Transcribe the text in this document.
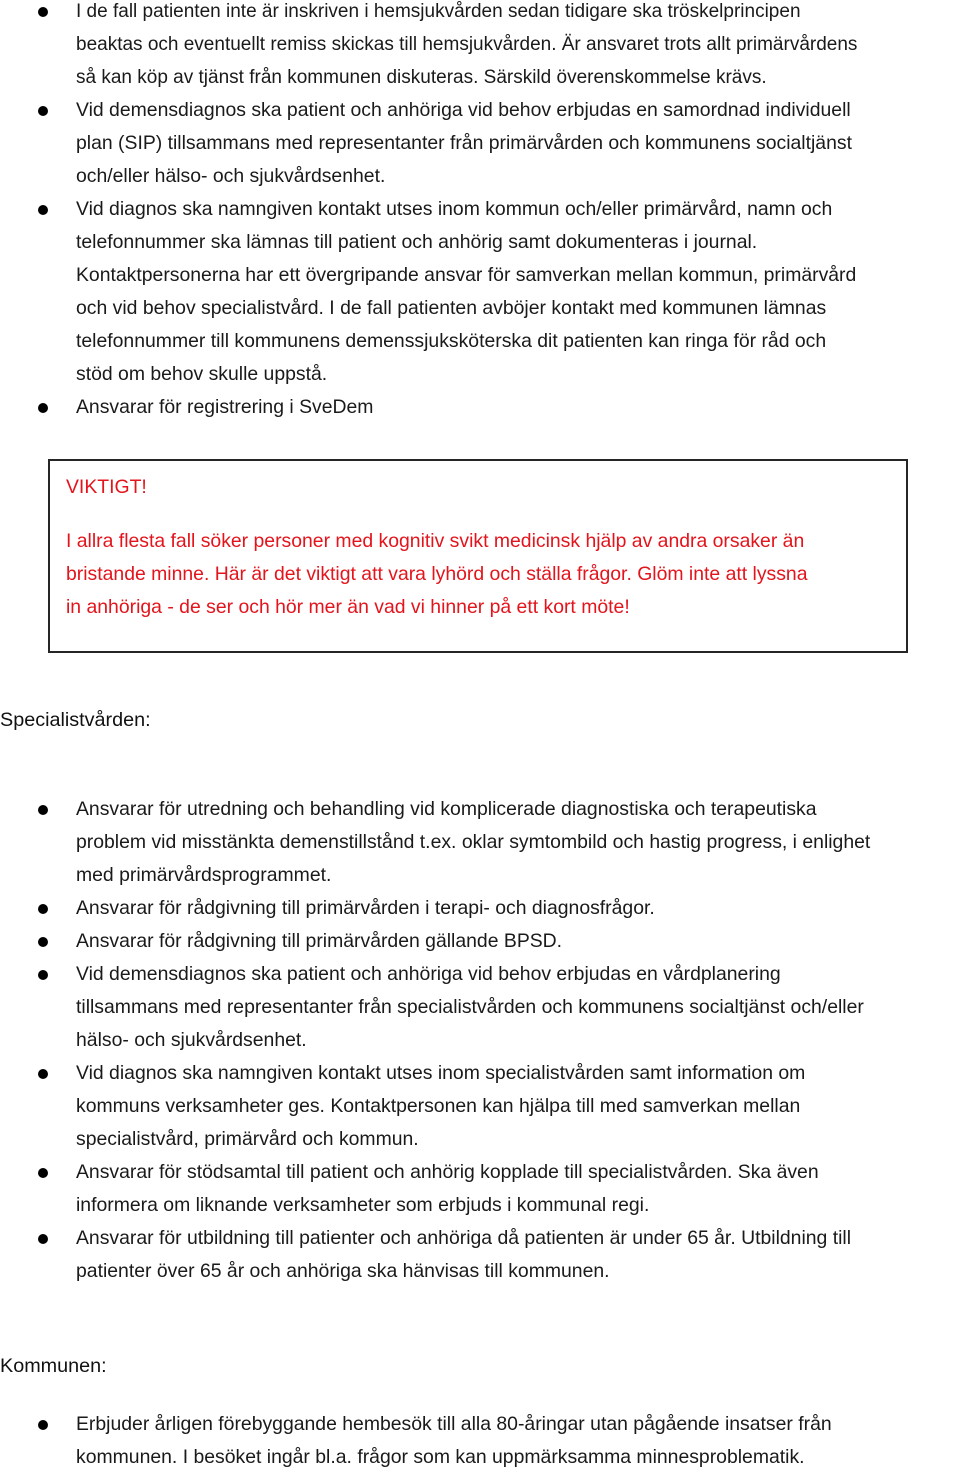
I de fall patienten inte är inskriven i hemsjukvården sedan tidigare ska tröskelprincipen
beaktas och eventuellt remiss skickas till hemsjukvården. Är ansvaret trots allt primärvårdens
så kan köp av tjänst från kommunen diskuteras. Särskild överenskommelse krävs.
Vid demensdiagnos ska patient och anhöriga vid behov erbjudas en samordnad individuell
plan (SIP) tillsammans med representanter från primärvården och kommunens socialtjänst
och/eller hälso- och sjukvårdsenhet.
Vid diagnos ska namngiven kontakt utses inom kommun och/eller primärvård, namn och
telefonnummer ska lämnas till patient och anhörig samt dokumenteras i journal.
Kontaktpersonerna har ett övergripande ansvar för samverkan mellan kommun, primärvård
och vid behov specialistvård. I de fall patienten avböjer kontakt med kommunen lämnas
telefonnummer till kommunens demenssjuksköterska dit patienten kan ringa för råd och
stöd om behov skulle uppstå.
Ansvarar för registrering i SveDem
VIKTIGT!
I allra flesta fall söker personer med kognitiv svikt medicinsk hjälp av andra orsaker än
bristande minne. Här är det viktigt att vara lyhörd och ställa frågor. Glöm inte att lyssna
in anhöriga - de ser och hör mer än vad vi hinner på ett kort möte!
Specialistvården:
Ansvarar för utredning och behandling vid komplicerade diagnostiska och terapeutiska
problem vid misstänkta demenstillstånd t.ex. oklar symtombild och hastig progress, i enlighet
med primärvårdsprogrammet.
Ansvarar för rådgivning till primärvården i terapi- och diagnosfrågor.
Ansvarar för rådgivning till primärvården gällande BPSD.
Vid demensdiagnos ska patient och anhöriga vid behov erbjudas en vårdplanering
tillsammans med representanter från specialistvården och kommunens socialtjänst och/eller
hälso- och sjukvårdsenhet.
Vid diagnos ska namngiven kontakt utses inom specialistvården samt information om
kommuns verksamheter ges. Kontaktpersonen kan hjälpa till med samverkan mellan
specialistvård, primärvård och kommun.
Ansvarar för stödsamtal till patient och anhörig kopplade till specialistvården. Ska även
informera om liknande verksamheter som erbjuds i kommunal regi.
Ansvarar för utbildning till patienter och anhöriga då patienten är under 65 år. Utbildning till
patienter över 65 år och anhöriga ska hänvisas till kommunen.
Kommunen:
Erbjuder årligen förebyggande hembesök till alla 80-åringar utan pågående insatser från
kommunen. I besöket ingår bl.a. frågor som kan uppmärksamma minnesproblematik.
